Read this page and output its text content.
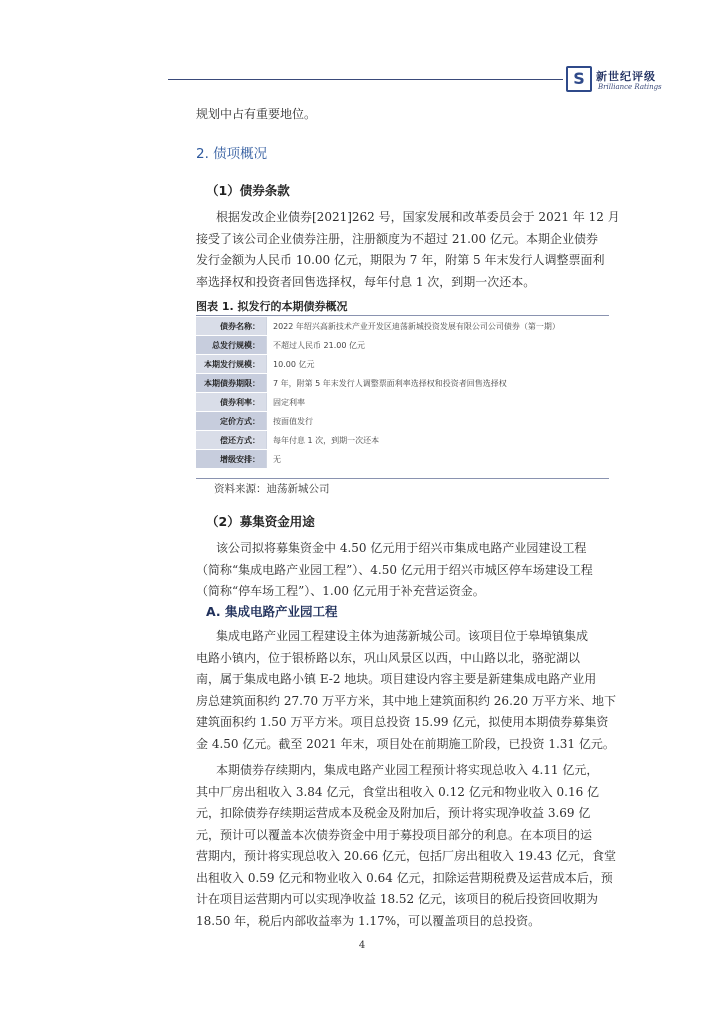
S	新世纪评级
Brilliance Ratings
规划中占有重要地位。
2. 债项概况
（1）债券条款
根据发改企业债券[2021]262 号，国家发展和改革委员会于 2021 年 12 月
接受了该公司企业债券注册，注册额度为不超过 21.00 亿元。本期企业债券
发行金额为人民币 10.00 亿元，期限为 7 年，附第 5 年末发行人调整票面利
率选择权和投资者回售选择权，每年付息 1 次，到期一次还本。
图表 1. 拟发行的本期债券概况
债券名称：	2022 年绍兴高新技术产业开发区迪荡新城投资发展有限公司公司债券（第一期）
总发行规模：	不超过人民币 21.00 亿元
本期发行规模：	10.00 亿元
本期债券期限：	7 年，附第 5 年末发行人调整票面利率选择权和投资者回售选择权
债券利率：	固定利率
定价方式：	按面值发行
偿还方式：	每年付息 1 次，到期一次还本
增级安排：	无
资料来源：迪荡新城公司
（2）募集资金用途
该公司拟将募集资金中 4.50 亿元用于绍兴市集成电路产业园建设工程
（简称“集成电路产业园工程”）、4.50 亿元用于绍兴市城区停车场建设工程
（简称“停车场工程”）、1.00 亿元用于补充营运资金。
A. 集成电路产业园工程
集成电路产业园工程建设主体为迪荡新城公司。该项目位于皋埠镇集成
电路小镇内，位于银桥路以东，巩山风景区以西，中山路以北，骆驼湖以
南，属于集成电路小镇 E-2 地块。项目建设内容主要是新建集成电路产业用
房总建筑面积约 27.70 万平方米，其中地上建筑面积约 26.20 万平方米、地下
建筑面积约 1.50 万平方米。项目总投资 15.99 亿元，拟使用本期债券募集资
金 4.50 亿元。截至 2021 年末，项目处在前期施工阶段，已投资 1.31 亿元。
本期债券存续期内，集成电路产业园工程预计将实现总收入 4.11 亿元，
其中厂房出租收入 3.84 亿元，食堂出租收入 0.12 亿元和物业收入 0.16 亿
元，扣除债券存续期运营成本及税金及附加后，预计将实现净收益 3.69 亿
元，预计可以覆盖本次债券资金中用于募投项目部分的利息。在本项目的运
营期内，预计将实现总收入 20.66 亿元，包括厂房出租收入 19.43 亿元，食堂
出租收入 0.59 亿元和物业收入 0.64 亿元，扣除运营期税费及运营成本后，预
计在项目运营期内可以实现净收益 18.52 亿元，该项目的税后投资回收期为
18.50 年，税后内部收益率为 1.17%，可以覆盖项目的总投资。
4
